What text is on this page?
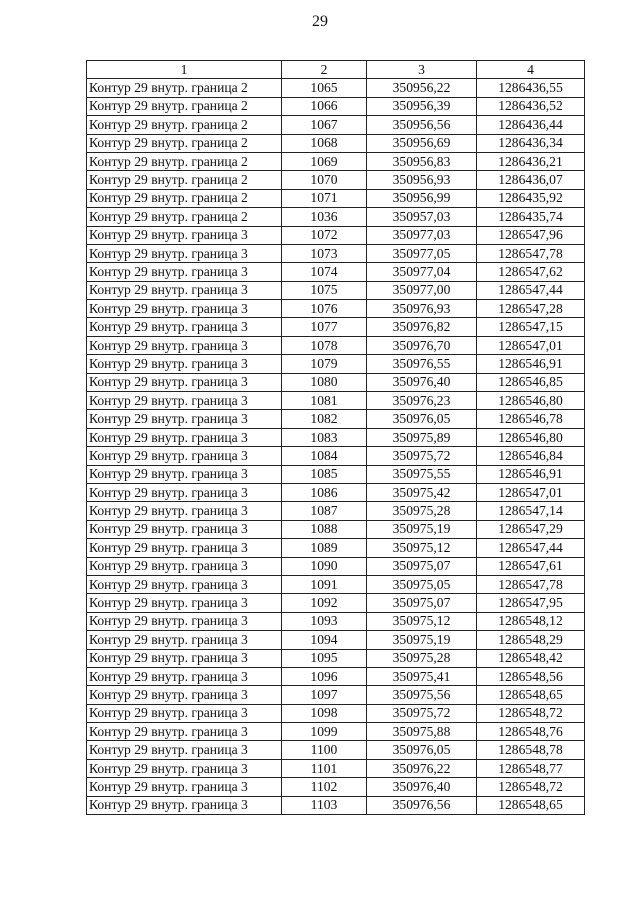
29
1	2	3	4
Контур 29 внутр. граница 2	1065	350956,22	1286436,55
Контур 29 внутр. граница 2	1066	350956,39	1286436,52
Контур 29 внутр. граница 2	1067	350956,56	1286436,44
Контур 29 внутр. граница 2	1068	350956,69	1286436,34
Контур 29 внутр. граница 2	1069	350956,83	1286436,21
Контур 29 внутр. граница 2	1070	350956,93	1286436,07
Контур 29 внутр. граница 2	1071	350956,99	1286435,92
Контур 29 внутр. граница 2	1036	350957,03	1286435,74
Контур 29 внутр. граница 3	1072	350977,03	1286547,96
Контур 29 внутр. граница 3	1073	350977,05	1286547,78
Контур 29 внутр. граница 3	1074	350977,04	1286547,62
Контур 29 внутр. граница 3	1075	350977,00	1286547,44
Контур 29 внутр. граница 3	1076	350976,93	1286547,28
Контур 29 внутр. граница 3	1077	350976,82	1286547,15
Контур 29 внутр. граница 3	1078	350976,70	1286547,01
Контур 29 внутр. граница 3	1079	350976,55	1286546,91
Контур 29 внутр. граница 3	1080	350976,40	1286546,85
Контур 29 внутр. граница 3	1081	350976,23	1286546,80
Контур 29 внутр. граница 3	1082	350976,05	1286546,78
Контур 29 внутр. граница 3	1083	350975,89	1286546,80
Контур 29 внутр. граница 3	1084	350975,72	1286546,84
Контур 29 внутр. граница 3	1085	350975,55	1286546,91
Контур 29 внутр. граница 3	1086	350975,42	1286547,01
Контур 29 внутр. граница 3	1087	350975,28	1286547,14
Контур 29 внутр. граница 3	1088	350975,19	1286547,29
Контур 29 внутр. граница 3	1089	350975,12	1286547,44
Контур 29 внутр. граница 3	1090	350975,07	1286547,61
Контур 29 внутр. граница 3	1091	350975,05	1286547,78
Контур 29 внутр. граница 3	1092	350975,07	1286547,95
Контур 29 внутр. граница 3	1093	350975,12	1286548,12
Контур 29 внутр. граница 3	1094	350975,19	1286548,29
Контур 29 внутр. граница 3	1095	350975,28	1286548,42
Контур 29 внутр. граница 3	1096	350975,41	1286548,56
Контур 29 внутр. граница 3	1097	350975,56	1286548,65
Контур 29 внутр. граница 3	1098	350975,72	1286548,72
Контур 29 внутр. граница 3	1099	350975,88	1286548,76
Контур 29 внутр. граница 3	1100	350976,05	1286548,78
Контур 29 внутр. граница 3	1101	350976,22	1286548,77
Контур 29 внутр. граница 3	1102	350976,40	1286548,72
Контур 29 внутр. граница 3	1103	350976,56	1286548,65
